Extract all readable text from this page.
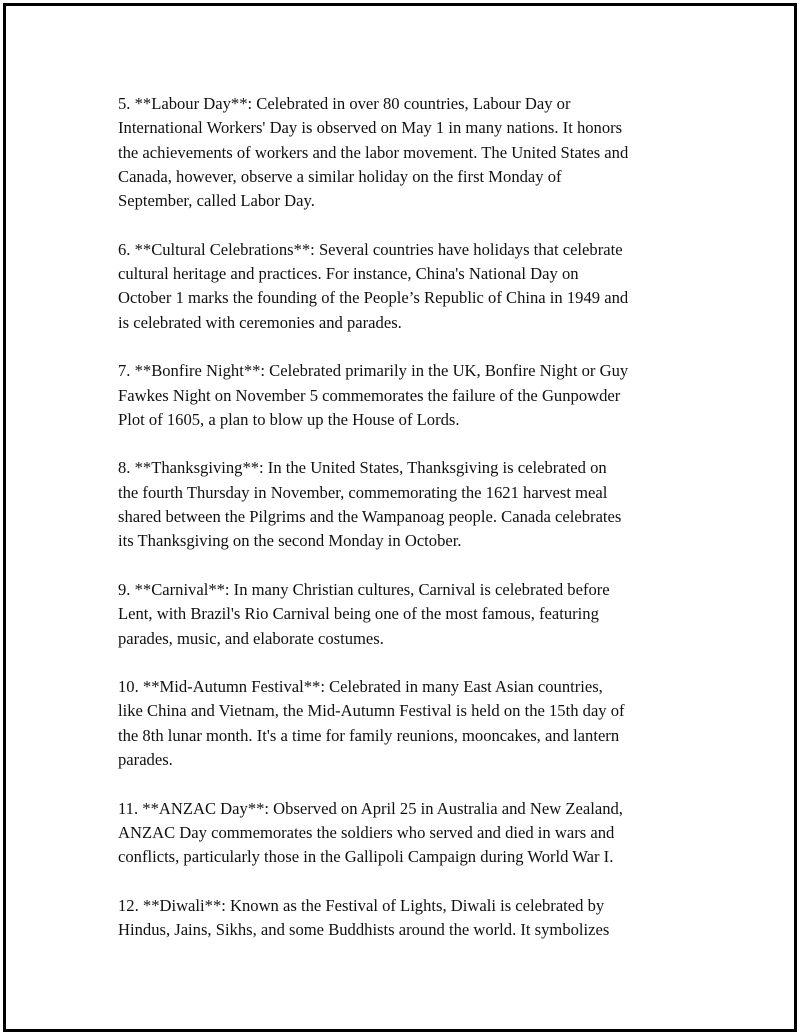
5. **Labour Day**: Celebrated in over 80 countries, Labour Day or
International Workers' Day is observed on May 1 in many nations. It honors
the achievements of workers and the labor movement. The United States and
Canada, however, observe a similar holiday on the first Monday of
September, called Labor Day.

6. **Cultural Celebrations**: Several countries have holidays that celebrate
cultural heritage and practices. For instance, China's National Day on
October 1 marks the founding of the People’s Republic of China in 1949 and
is celebrated with ceremonies and parades.

7. **Bonfire Night**: Celebrated primarily in the UK, Bonfire Night or Guy
Fawkes Night on November 5 commemorates the failure of the Gunpowder
Plot of 1605, a plan to blow up the House of Lords.

8. **Thanksgiving**: In the United States, Thanksgiving is celebrated on
the fourth Thursday in November, commemorating the 1621 harvest meal
shared between the Pilgrims and the Wampanoag people. Canada celebrates
its Thanksgiving on the second Monday in October.

9. **Carnival**: In many Christian cultures, Carnival is celebrated before
Lent, with Brazil's Rio Carnival being one of the most famous, featuring
parades, music, and elaborate costumes.

10. **Mid-Autumn Festival**: Celebrated in many East Asian countries,
like China and Vietnam, the Mid-Autumn Festival is held on the 15th day of
the 8th lunar month. It's a time for family reunions, mooncakes, and lantern
parades.

11. **ANZAC Day**: Observed on April 25 in Australia and New Zealand,
ANZAC Day commemorates the soldiers who served and died in wars and
conflicts, particularly those in the Gallipoli Campaign during World War I.

12. **Diwali**: Known as the Festival of Lights, Diwali is celebrated by
Hindus, Jains, Sikhs, and some Buddhists around the world. It symbolizes
